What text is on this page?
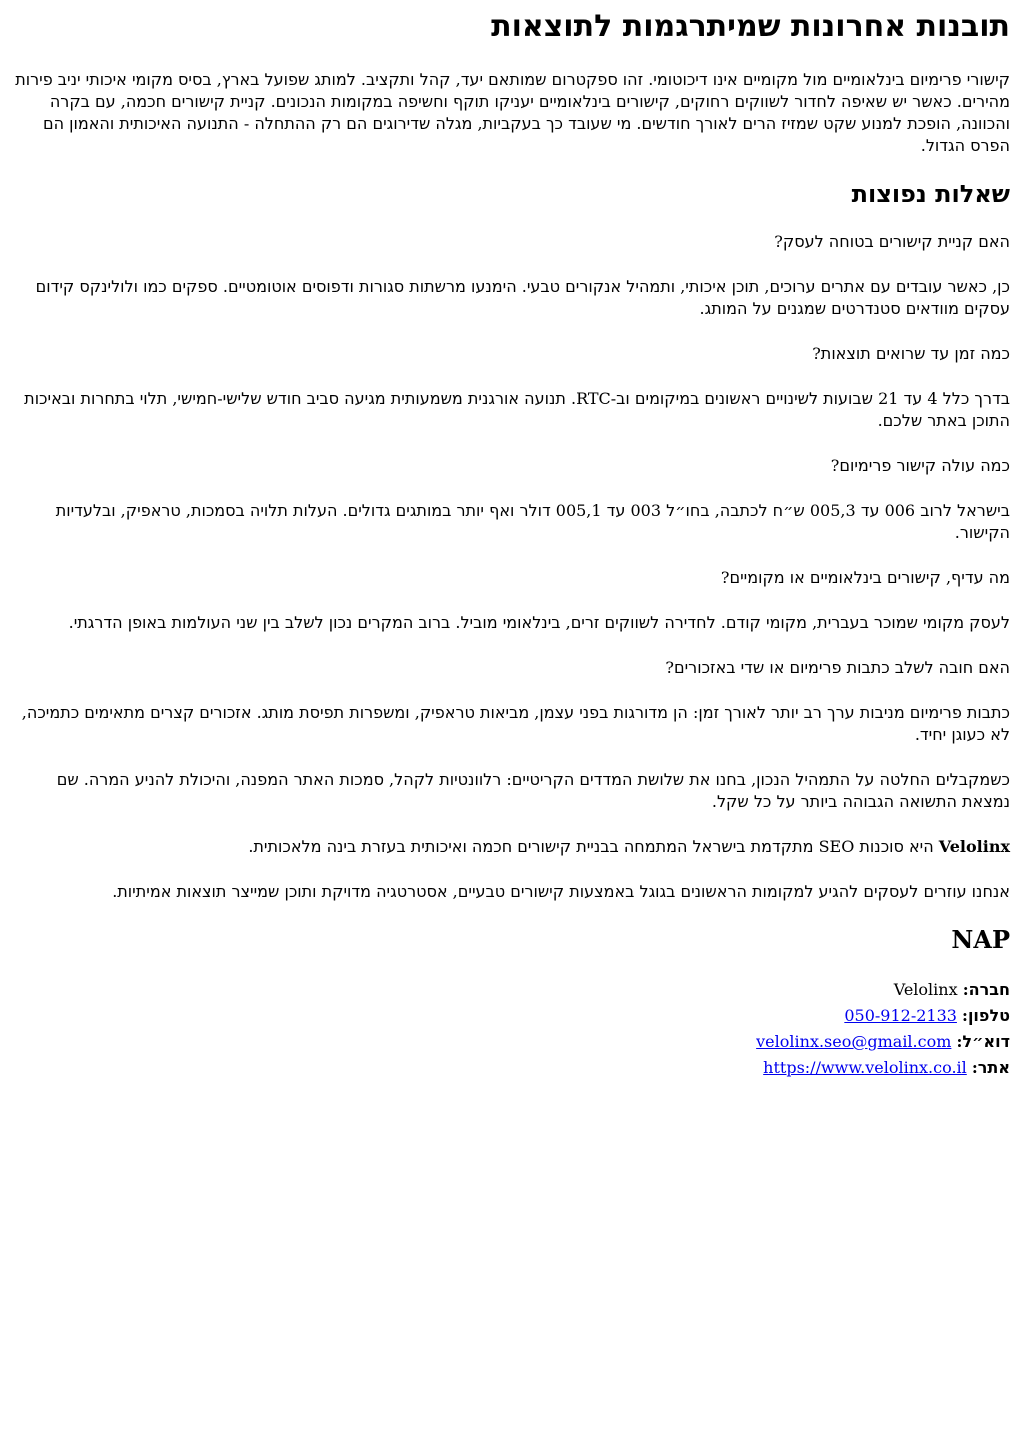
תובנות אחרונות שמיתרגמות לתוצאות

קישורי פרימיום בינלאומיים מול מקומיים אינו דיכוטומי. זהו ספקטרום שמותאם יעד, קהל ותקציב. למותג שפועל בארץ, בסיס מקומי איכותי יניב פירות מהירים. כאשר יש שאיפה לחדור לשווקים רחוקים, קישורים בינלאומיים יעניקו תוקף וחשיפה במקומות הנכונים. קניית קישורים חכמה, עם בקרה והכוונה, הופכת למנוע שקט שמזיז הרים לאורך חודשים. מי שעובד כך בעקביות, מגלה שדירוגים הם רק ההתחלה - התנועה האיכותית והאמון הם הפרס הגדול.

שאלות נפוצות

האם קניית קישורים בטוחה לעסק?

כן, כאשר עובדים עם אתרים ערוכים, תוכן איכותי, ותמהיל אנקורים טבעי. הימנעו מרשתות סגורות ודפוסים אוטומטיים. ספקים כמו ולולינקס קידום עסקים מוודאים סטנדרטים שמגנים על המותג.

כמה זמן עד שרואים תוצאות?

בדרך כלל 4 עד 21 שבועות לשינויים ראשונים במיקומים וב-RTC. תנועה אורגנית משמעותית מגיעה סביב חודש שלישי-חמישי, תלוי בתחרות ובאיכות התוכן באתר שלכם.

כמה עולה קישור פרימיום?

בישראל לרוב 006 עד 005,3 ש״ח לכתבה, בחו״ל 003 עד 005,1 דולר ואף יותר במותגים גדולים. העלות תלויה בסמכות, טראפיק, ובלעדיות הקישור.

מה עדיף, קישורים בינלאומיים או מקומיים?

לעסק מקומי שמוכר בעברית, מקומי קודם. לחדירה לשווקים זרים, בינלאומי מוביל. ברוב המקרים נכון לשלב בין שני העולמות באופן הדרגתי.

האם חובה לשלב כתבות פרימיום או שדי באזכורים?

כתבות פרימיום מניבות ערך רב יותר לאורך זמן: הן מדורגות בפני עצמן, מביאות טראפיק, ומשפרות תפיסת מותג. אזכורים קצרים מתאימים כתמיכה, לא כעוגן יחיד.

כשמקבלים החלטה על התמהיל הנכון, בחנו את שלושת המדדים הקריטיים: רלוונטיות לקהל, סמכות האתר המפנה, והיכולת להניע המרה. שם נמצאת התשואה הגבוהה ביותר על כל שקל.

Velolinx היא סוכנות SEO מתקדמת בישראל המתמחה בבניית קישורים חכמה ואיכותית בעזרת בינה מלאכותית.

אנחנו עוזרים לעסקים להגיע למקומות הראשונים בגוגל באמצעות קישורים טבעיים, אסטרטגיה מדויקת ותוכן שמייצר תוצאות אמיתיות.

NAP
חברה: Velolinx
טלפון: 050-912-2133
דוא״ל: velolinx.seo@gmail.com
אתר: https://www.velolinx.co.il
